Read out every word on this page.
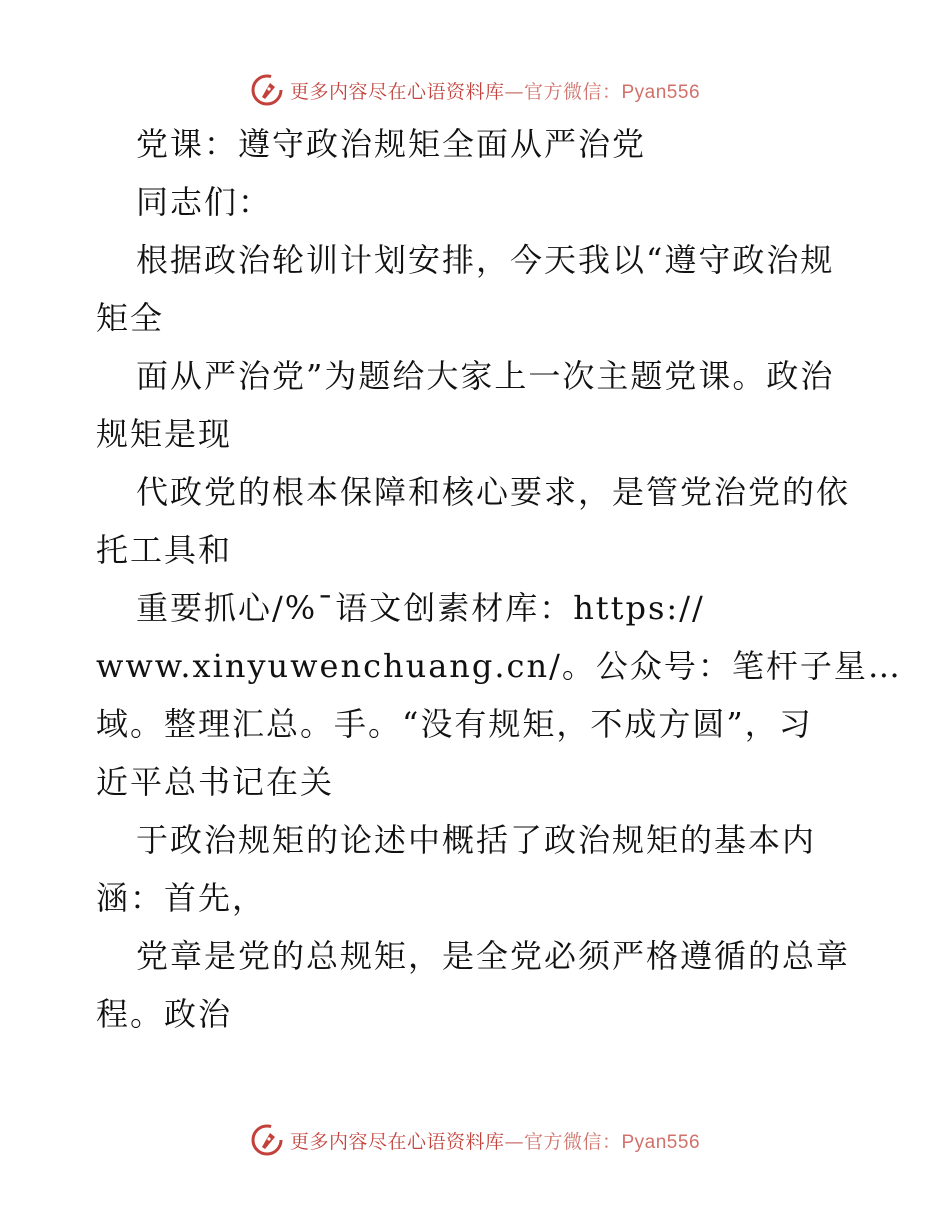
更多内容尽在心语资料库—官方微信：Pyan556
党课：遵守政治规矩全面从严治党
同志们：
根据政治轮训计划安排，今天我以“遵守政治规
矩全
面从严治党”为题给大家上一次主题党课。政治
规矩是现
代政党的根本保障和核心要求，是管党治党的依
托工具和
重要抓心/%¯语文创素材库：https://
www.xinyuwenchuang.cn/。公众号：笔杆子星…
域。整理汇总。手。“没有规矩，不成方圆”，习
近平总书记在关
于政治规矩的论述中概括了政治规矩的基本内
涵：首先，
党章是党的总规矩，是全党必须严格遵循的总章
程。政治
更多内容尽在心语资料库—官方微信：Pyan556
